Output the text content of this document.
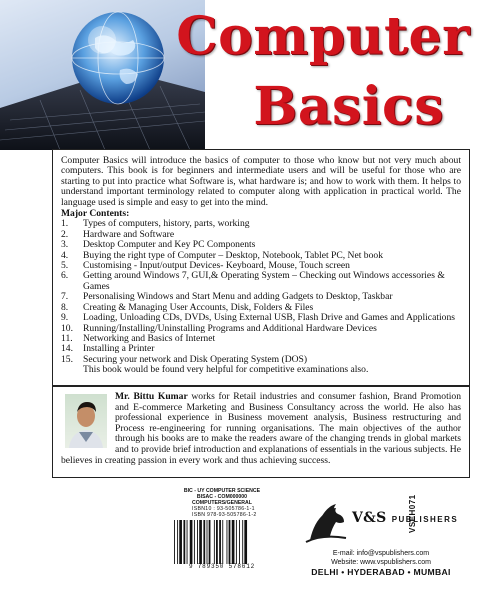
Computer
Basics

Computer Basics will introduce the basics of computer to those who know but not very much about computers. This book is for beginners and intermediate users and will be useful for those who are starting to put into practice what Software is, what hardware is; and how to work with them. It helps to understand important terminology related to computer along with application in practical world. The language used is simple and easy to get into the mind.

Major Contents:
1. Types of computers, history, parts, working
2. Hardware and Software
3. Desktop Computer and Key PC Components
4. Buying the right type of Computer – Desktop, Notebook, Tablet PC, Net book
5. Customising - Input/output Devices- Keyboard, Mouse, Touch screen
6. Getting around Windows 7, GUI,& Operating System – Checking out Windows accessories & Games
7. Personalising Windows and Start Menu and adding Gadgets to Desktop, Taskbar
8. Creating & Managing User Accounts, Disk, Folders & Files
9. Loading, Unloading CDs, DVDs, Using External USB, Flash Drive and Games and Applications
10. Running/Installing/Uninstalling Programs and Additional Hardware Devices
11. Networking and Basics of Internet
14. Installing a Printer
15. Securing your network and Disk Operating System (DOS)
This book would be found very helpful for competitive examinations also.
Mr. Bittu Kumar works for Retail industries and consumer fashion, Brand Promotion and E-commerce Marketing and Business Consultancy across the world. He also has professional experience in Business movement analysis, Business restructuring and Process re-engineering for running organisations. The main objectives of the author through his books are to make the readers aware of the changing trends in global markets and to provide brief introduction and explanations of essentials in the various subjects. He believes in creating passion in every work and thus achieving success.
BIC - UY COMPUTER SCIENCE
BISAC - COM000000
COMPUTERS/GENERAL
ISBN10 : 93-505786-1-1
ISBN 978-93-505786-1-2
9 789350 578612
VSEH071
V&S PUBLISHERS
E-mail: info@vspublishers.com
Website: www.vspublishers.com
DELHI • HYDERABAD • MUMBAI
